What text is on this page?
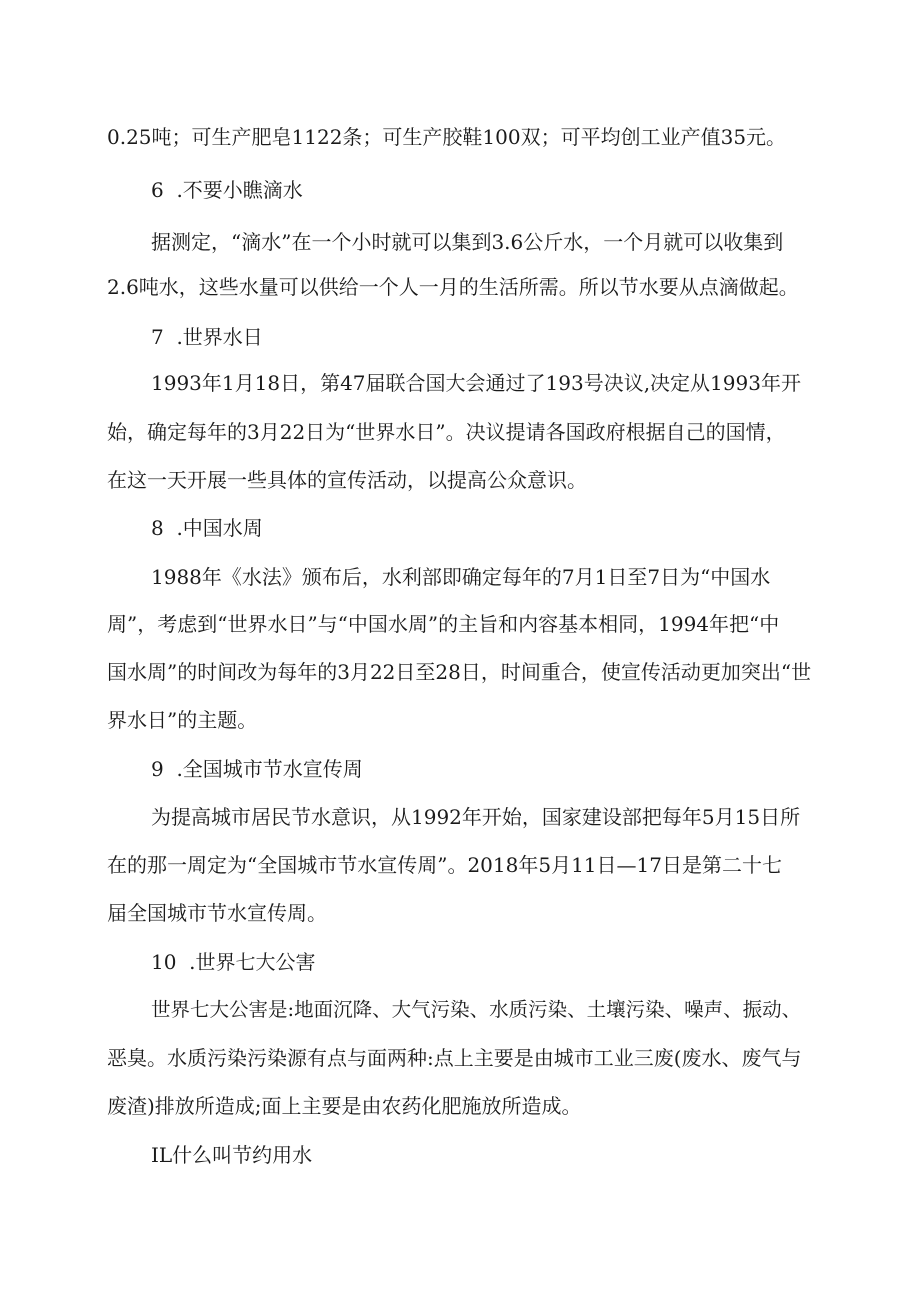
0.25吨；可生产肥皂1122条；可生产胶鞋100双；可平均创工业产值35元。
6  .不要小瞧滴水
据测定，“滴水”在一个小时就可以集到3.6公斤水，一个月就可以收集到
2.6吨水，这些水量可以供给一个人一月的生活所需。所以节水要从点滴做起。
7  .世界水日
1993年1月18日，第47届联合国大会通过了193号决议,决定从1993年开
始，确定每年的3月22日为“世界水日”。决议提请各国政府根据自己的国情，
在这一天开展一些具体的宣传活动，以提高公众意识。
8  .中国水周
1988年《水法》颁布后，水利部即确定每年的7月1日至7日为“中国水
周”，考虑到“世界水日”与“中国水周”的主旨和内容基本相同，1994年把“中
国水周”的时间改为每年的3月22日至28日，时间重合，使宣传活动更加突出“世
界水日”的主题。
9  .全国城市节水宣传周
为提高城市居民节水意识，从1992年开始，国家建设部把每年5月15日所
在的那一周定为“全国城市节水宣传周”。2018年5月11日—17日是第二十七
届全国城市节水宣传周。
10  .世界七大公害
世界七大公害是:地面沉降、大气污染、水质污染、土壤污染、噪声、振动、
恶臭。水质污染污染源有点与面两种:点上主要是由城市工业三废(废水、废气与
废渣)排放所造成;面上主要是由农药化肥施放所造成。
IL什么叫节约用水
